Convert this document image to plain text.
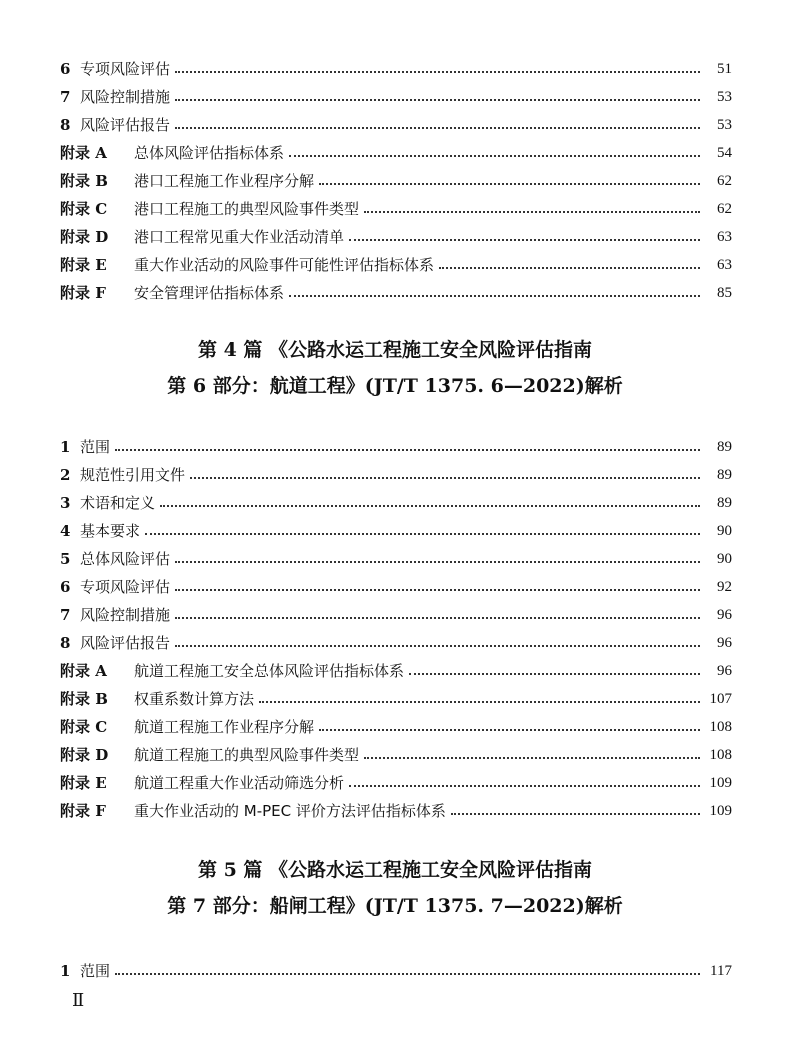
6 专项风险评估	51
7 风险控制措施	53
8 风险评估报告	53
附录 A	总体风险评估指标体系	54
附录 B	港口工程施工作业程序分解	62
附录 C	港口工程施工的典型风险事件类型	62
附录 D	港口工程常见重大作业活动清单	63
附录 E	重大作业活动的风险事件可能性评估指标体系	63
附录 F	安全管理评估指标体系	85
第 4 篇 《公路水运工程施工安全风险评估指南
第 6 部分：航道工程》(JT/T 1375. 6—2022)解析
1 范围	89
2 规范性引用文件	89
3 术语和定义	89
4 基本要求	90
5 总体风险评估	90
6 专项风险评估	92
7 风险控制措施	96
8 风险评估报告	96
附录 A	航道工程施工安全总体风险评估指标体系	96
附录 B	权重系数计算方法	107
附录 C	航道工程施工作业程序分解	108
附录 D	航道工程施工的典型风险事件类型	108
附录 E	航道工程重大作业活动筛选分析	109
附录 F	重大作业活动的 M-PEC 评价方法评估指标体系	109
第 5 篇 《公路水运工程施工安全风险评估指南
第 7 部分：船闸工程》(JT/T 1375. 7—2022)解析
1 范围	117
Ⅱ
